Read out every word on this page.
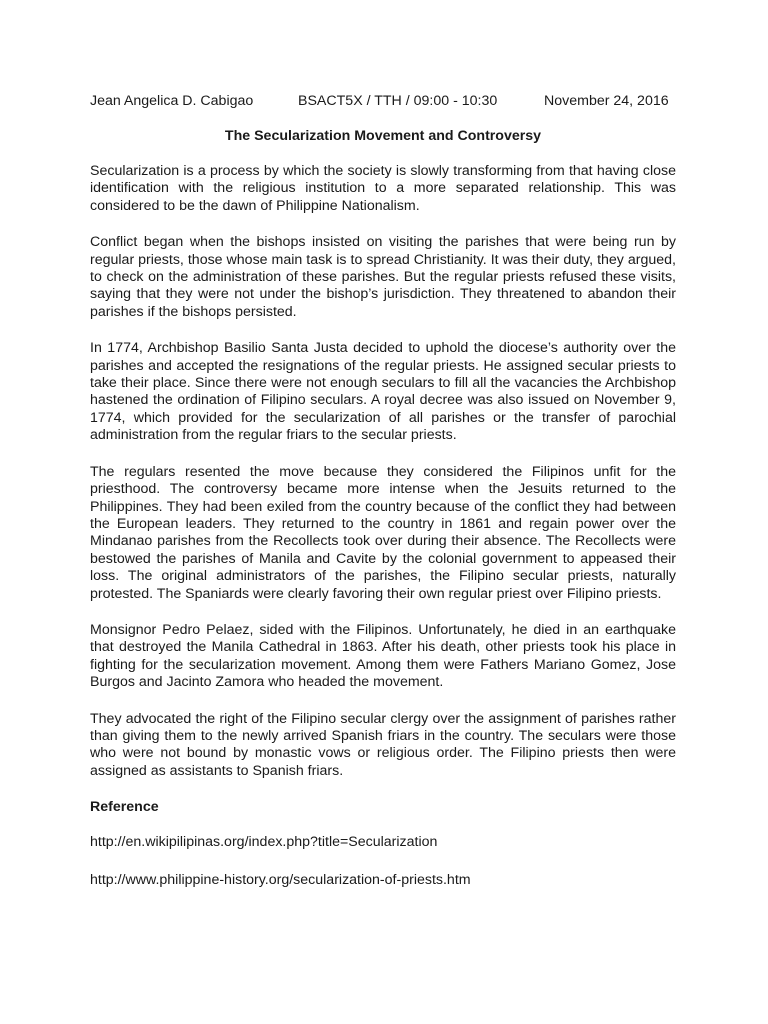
Jean Angelica D. Cabigao	BSACT5X / TTH / 09:00 - 10:30	November 24, 2016
The Secularization Movement and Controversy

Secularization is a process by which the society is slowly transforming from that having close identification with the religious institution to a more separated relationship. This was considered to be the dawn of Philippine Nationalism.

Conflict began when the bishops insisted on visiting the parishes that were being run by regular priests, those whose main task is to spread Christianity. It was their duty, they argued, to check on the administration of these parishes. But the regular priests refused these visits, saying that they were not under the bishop’s jurisdiction. They threatened to abandon their parishes if the bishops persisted.

In 1774, Archbishop Basilio Santa Justa decided to uphold the diocese’s authority over the parishes and accepted the resignations of the regular priests. He assigned secular priests to take their place. Since there were not enough seculars to fill all the vacancies the Archbishop hastened the ordination of Filipino seculars. A royal decree was also issued on November 9, 1774, which provided for the secularization of all parishes or the transfer of parochial administration from the regular friars to the secular priests.

The regulars resented the move because they considered the Filipinos unfit for the priesthood. The controversy became more intense when the Jesuits returned to the Philippines. They had been exiled from the country because of the conflict they had between the European leaders. They returned to the country in 1861 and regain power over the Mindanao parishes from the Recollects took over during their absence. The Recollects were bestowed the parishes of Manila and Cavite by the colonial government to appeased their loss. The original administrators of the parishes, the Filipino secular priests, naturally protested. The Spaniards were clearly favoring their own regular priest over Filipino priests.

Monsignor Pedro Pelaez, sided with the Filipinos. Unfortunately, he died in an earthquake that destroyed the Manila Cathedral in 1863. After his death, other priests took his place in fighting for the secularization movement. Among them were Fathers Mariano Gomez, Jose Burgos and Jacinto Zamora who headed the movement.

They advocated the right of the Filipino secular clergy over the assignment of parishes rather than giving them to the newly arrived Spanish friars in the country. The seculars were those who were not bound by monastic vows or religious order. The Filipino priests then were assigned as assistants to Spanish friars.

Reference
http://en.wikipilipinas.org/index.php?title=Secularization
http://www.philippine-history.org/secularization-of-priests.htm
